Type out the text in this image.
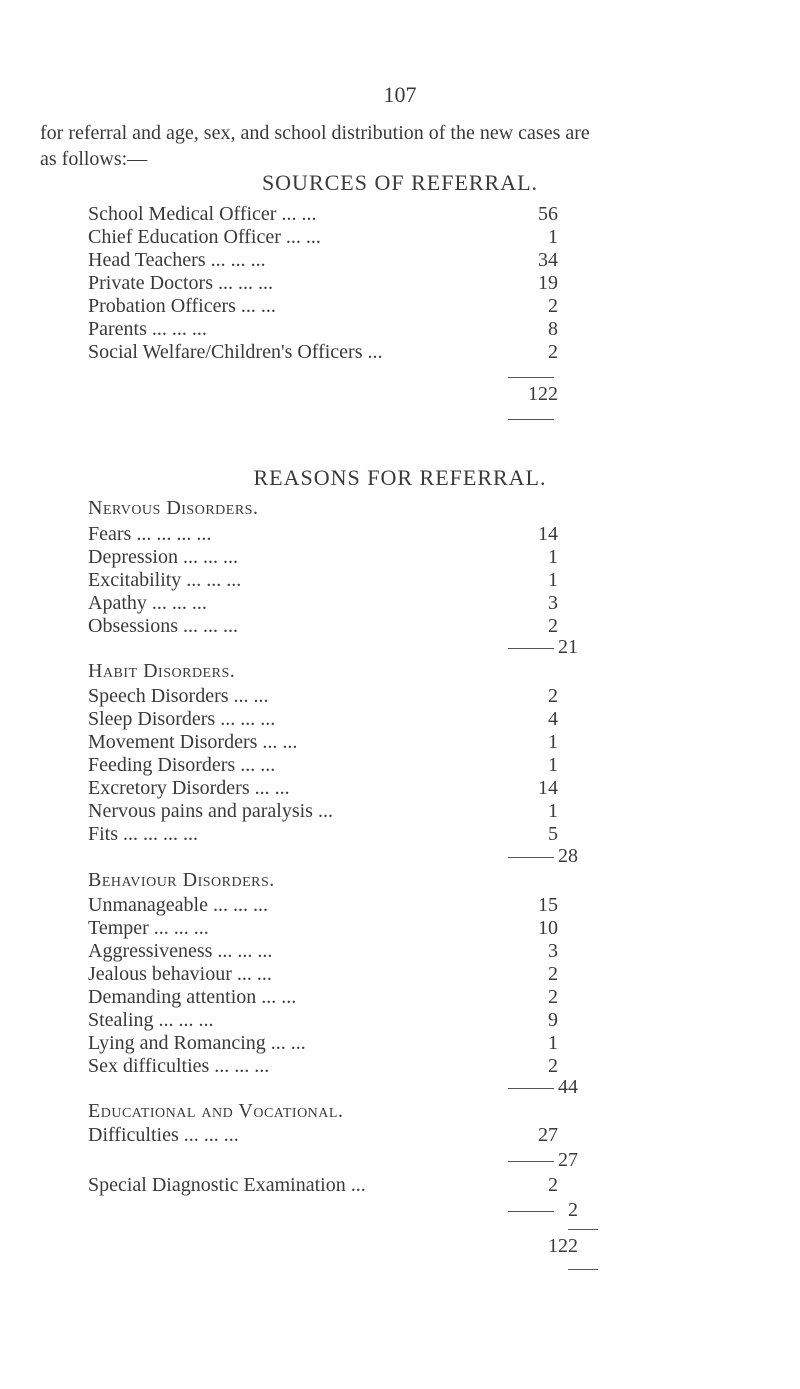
107
for referral and age, sex, and school distribution of the new cases are
as follows:—
SOURCES OF REFERRAL.
School Medical Officer ... ...	56
Chief Education Officer ... ...	1
Head Teachers ... ... ...	34
Private Doctors ... ... ...	19
Probation Officers ... ...	2
Parents ... ... ...	8
Social Welfare/Children's Officers ...	2
122
REASONS FOR REFERRAL.
Nervous Disorders.
Fears ... ... ... ...	14
Depression ... ... ...	1
Excitability ... ... ...	1
Apathy ... ... ...	3
Obsessions ... ... ...	2
21
Habit Disorders.
Speech Disorders ... ...	2
Sleep Disorders ... ... ...	4
Movement Disorders ... ...	1
Feeding Disorders ... ...	1
Excretory Disorders ... ...	14
Nervous pains and paralysis ...	1
Fits ... ... ... ...	5
28
Behaviour Disorders.
Unmanageable ... ... ...	15
Temper ... ... ...	10
Aggressiveness ... ... ...	3
Jealous behaviour ... ...	2
Demanding attention ... ...	2
Stealing ... ... ...	9
Lying and Romancing ... ...	1
Sex difficulties ... ... ...	2
44
Educational and Vocational.
Difficulties ... ... ...	27
27
Special Diagnostic Examination ...	2
2
122
